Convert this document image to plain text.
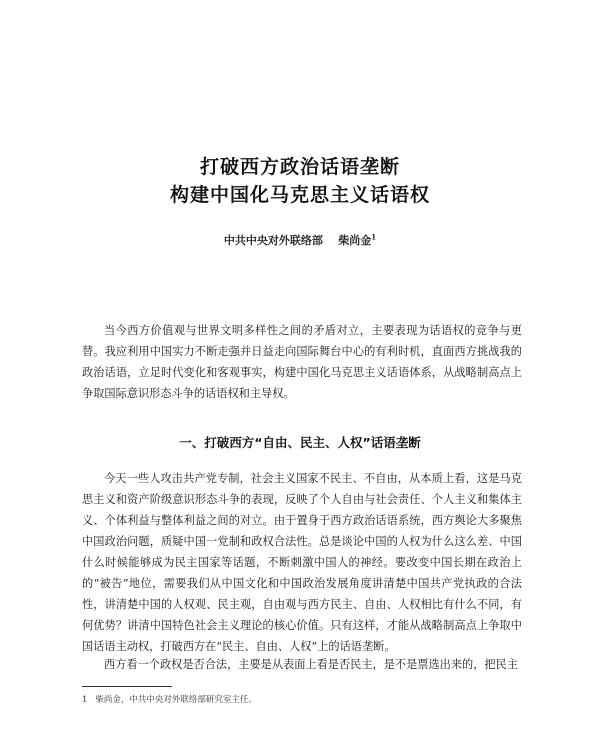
打破西方政治话语垄断
构建中国化马克思主义话语权
中共中央对外联络部 柴尚金$^1$

当今西方价值观与世界文明多样性之间的矛盾对立，主要表现为话语权的竞争与更替。我应利用中国实力不断走强并日益走向国际舞台中心的有利时机，直面西方挑战我的政治话语，立足时代变化和客观事实，构建中国化马克思主义话语体系，从战略制高点上争取国际意识形态斗争的话语权和主导权。

一、打破西方“自由、民主、人权”话语垄断

今天一些人攻击共产党专制，社会主义国家不民主、不自由，从本质上看，这是马克思主义和资产阶级意识形态斗争的表现，反映了个人自由与社会责任、个人主义和集体主义、个体利益与整体利益之间的对立。由于置身于西方政治话语系统，西方舆论大多聚焦中国政治问题，质疑中国一党制和政权合法性。总是谈论中国的人权为什么这么差、中国什么时候能够成为民主国家等话题，不断刺激中国人的神经。要改变中国长期在政治上的“被告”地位，需要我们从中国文化和中国政治发展角度讲清楚中国共产党执政的合法性，讲清楚中国的人权观、民主观，自由观与西方民主、自由、人权相比有什么不同，有何优势？讲清中国特色社会主义理论的核心价值。只有这样，才能从战略制高点上争取中国话语主动权，打破西方在“民主、自由、人权”上的话语垄断。

西方看一个政权是否合法，主要是从表面上看是否民主，是不是票选出来的，把民主

1 柴尚金，中共中央对外联络部研究室主任。
